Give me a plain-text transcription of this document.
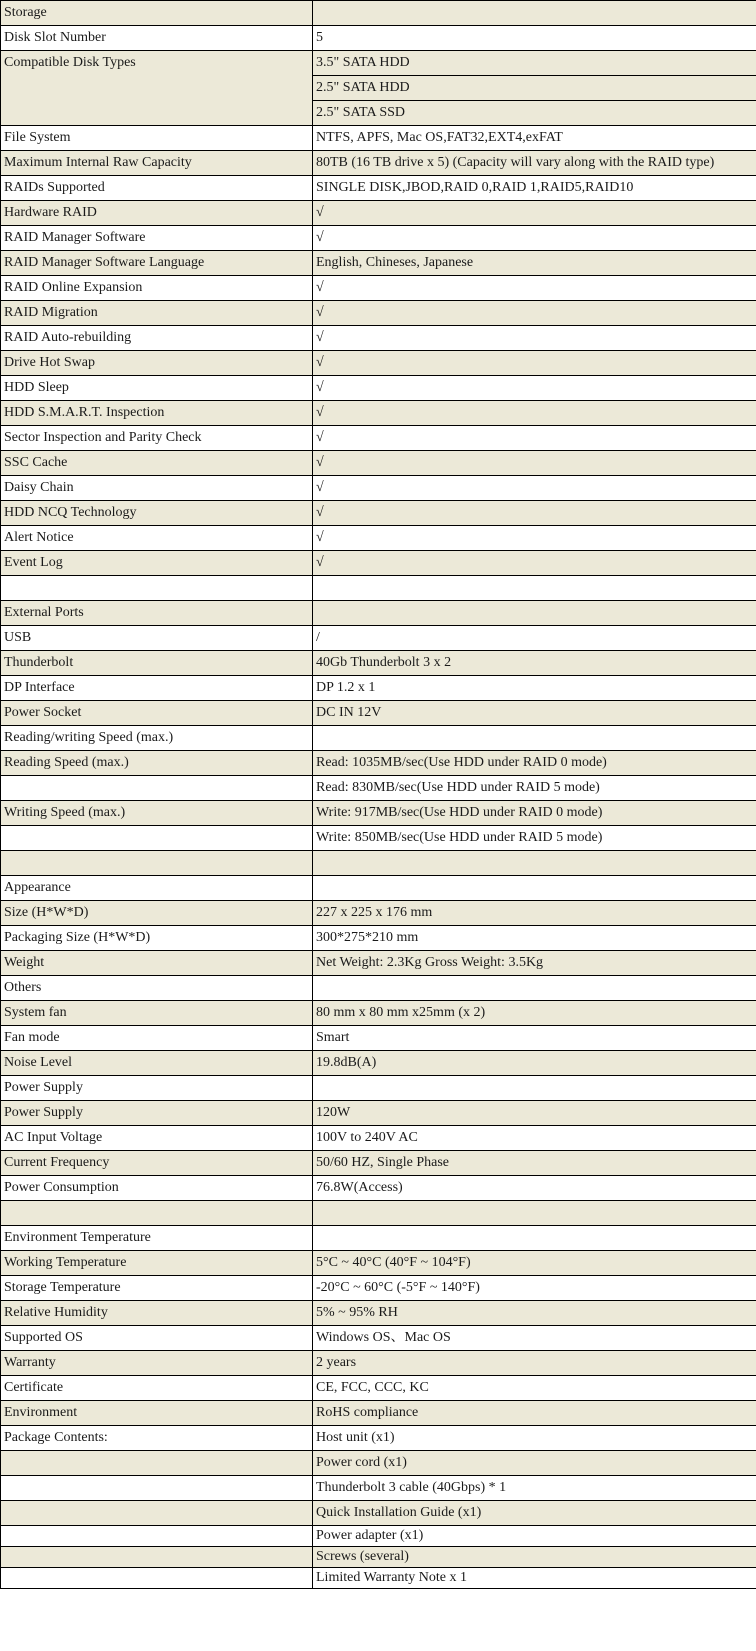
Storage	
Disk Slot Number	5
Compatible Disk Types	3.5" SATA HDD
	2.5" SATA HDD
	2.5" SATA SSD
File System	NTFS, APFS, Mac OS,FAT32,EXT4,exFAT
Maximum Internal Raw Capacity	80TB (16 TB drive x 5) (Capacity will vary along with the RAID type)
RAIDs Supported	SINGLE DISK,JBOD,RAID 0,RAID 1,RAID5,RAID10
Hardware RAID	√
RAID Manager Software	√
RAID Manager Software Language	English, Chineses, Japanese
RAID Online Expansion	√
RAID Migration	√
RAID Auto-rebuilding	√
Drive Hot Swap	√
HDD Sleep	√
HDD S.M.A.R.T. Inspection	√
Sector Inspection and Parity Check	√
SSC Cache	√
Daisy Chain	√
HDD NCQ Technology	√
Alert Notice	√
Event Log	√

External Ports	
USB	/
Thunderbolt	40Gb Thunderbolt 3 x 2
DP Interface	DP 1.2 x 1
Power Socket	DC IN 12V
Reading/writing Speed (max.)	
Reading Speed (max.)	Read: 1035MB/sec(Use HDD under RAID 0 mode)
	Read: 830MB/sec(Use HDD under RAID 5 mode)
Writing Speed (max.)	Write: 917MB/sec(Use HDD under RAID 0 mode)
	Write: 850MB/sec(Use HDD under RAID 5 mode)

Appearance	
Size (H*W*D)	227 x 225 x 176 mm
Packaging Size (H*W*D)	300*275*210 mm
Weight	Net Weight: 2.3Kg Gross Weight: 3.5Kg
Others	
System fan	80 mm x 80 mm x25mm (x 2)
Fan mode	Smart
Noise Level	19.8dB(A)
Power Supply	
Power Supply	120W
AC Input Voltage	100V to 240V AC
Current Frequency	50/60 HZ, Single Phase
Power Consumption	76.8W(Access)

Environment Temperature	
Working Temperature	5°C ~ 40°C (40°F ~ 104°F)
Storage Temperature	-20°C ~ 60°C (-5°F ~ 140°F)
Relative Humidity	5% ~ 95% RH
Supported OS	Windows OS、Mac OS
Warranty	2 years
Certificate	CE, FCC, CCC, KC
Environment	RoHS compliance
Package Contents:	Host unit (x1)
	Power cord (x1)
	Thunderbolt 3 cable (40Gbps) * 1
	Quick Installation Guide (x1)
	Power adapter (x1)
	Screws (several)
	Limited Warranty Note x 1
